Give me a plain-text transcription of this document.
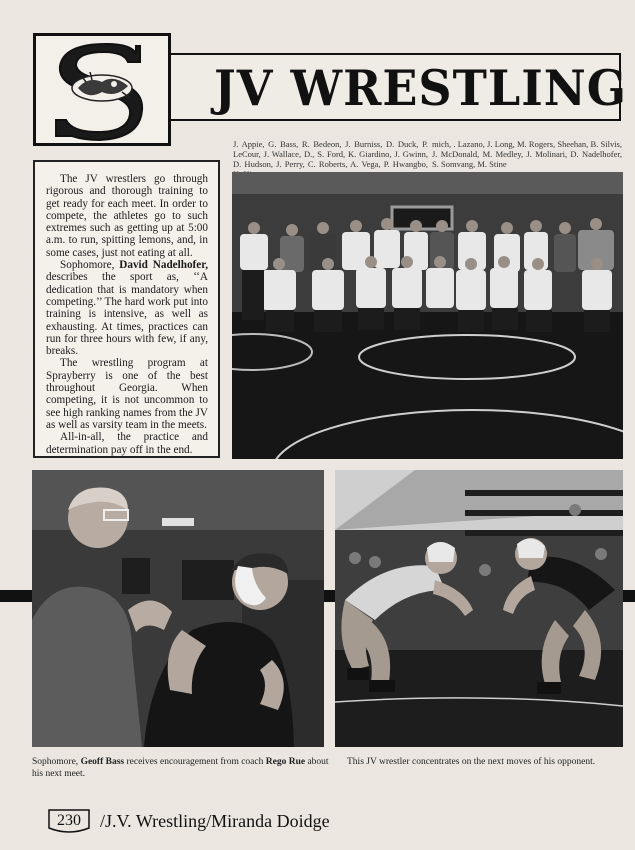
JV WRESTLING
J. Appie, G. Bass, R. Bedeon, J. Burniss, D. Duck, P. LeCour, J. Wallace, D., S. Ford, K. Giardino, J. Gwinn, D. Hudson, J. Perry, C. Roberts, A. Vega, P. Hwangbo,
mich, . Lazano, J. Long, M. Rogers, Sheehan, B. Silvis, J. McDonald, M. Medley, J. Molinari, D. Nadelhofer, S. Somvang, M. Stine

The JV wrestlers go through rigorous and thorough training to get ready for each meet. In order to compete, the athletes go to such extremes such as getting up at 5:00 a.m. to run, spitting lemons, and, in some cases, just not eating at all.

Sophomore, David Nadelhofer, describes the sport as, ‘‘A dedication that is mandatory when competing.’’ The hard work put into training is intensive, as well as exhausting. At times, practices can run for three hours with few, if any, breaks.

The wrestling program at Sprayberry is one of the best throughout Georgia. When competing, it is not uncommon to see high ranking names from the JV as well as varsity team in the meets.

All-in-all, the practice and determination pay off in the end.

Sophomore, Geoff Bass receives encouragement from coach Rego Rue about his next meet.
This JV wrestler concentrates on the next moves of his opponent.
230	/J.V. Wrestling/Miranda Doidge
